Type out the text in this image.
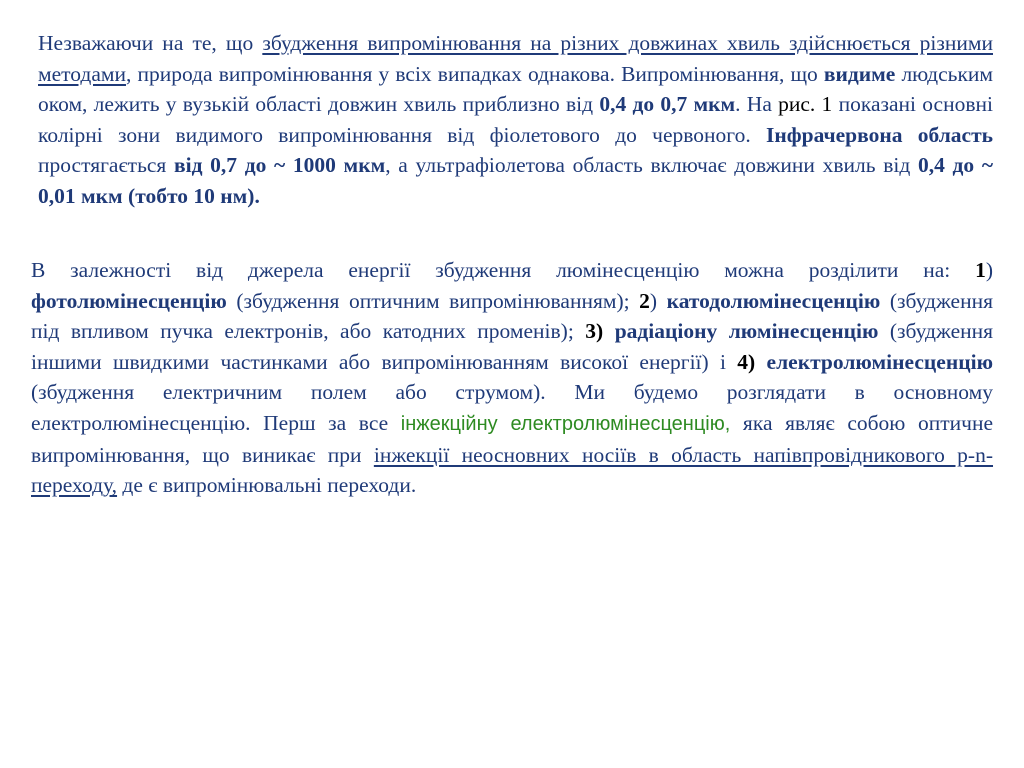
Незважаючи на те, що збудження випромінювання на різних довжинах хвиль здійснюється різними методами, природа випромінювання у всіх випадках однакова. Випромінювання, що видиме людським оком, лежить у вузькій області довжин хвиль приблизно від 0,4 до 0,7 мкм. На рис. 1 показані основні колірні зони видимого випромінювання від фіолетового до червоного. Інфрачервона область простягається від 0,7 до ~ 1000 мкм, а ультрафіолетова область включає довжини хвиль від 0,4 до ~ 0,01 мкм (тобто 10 нм).

В залежності від джерела енергії збудження люмінесценцію можна розділити на: 1) фотолюмінесценцію (збудження оптичним випромінюванням); 2) катодолюмінесценцію (збудження під впливом пучка електронів, або катодних променів); 3) радіаціону люмінесценцію (збудження іншими швидкими частинками або випромінюванням високої енергії) і 4) електролюмінесценцію (збудження електричним полем або струмом). Ми будемо розглядати в основному електролюмінесценцію. Перш за все інжекційну електролюмінесценцію, яка являє собою оптичне випромінювання, що виникає при інжекції неосновних носіїв в область напівпровідникового р-n-переходу, де є випромінювальні переходи.
